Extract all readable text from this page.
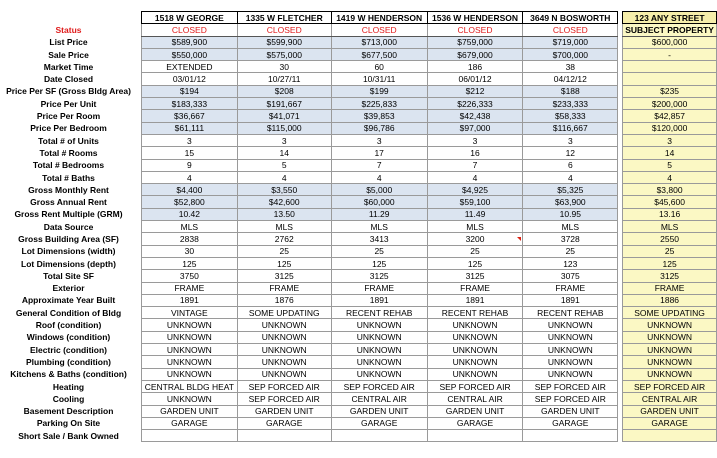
		1518 W GEORGE	1335 W FLETCHER	1419 W HENDERSON	1536 W HENDERSON	3649 N BOSWORTH		123 ANY STREET
Status		CLOSED	CLOSED	CLOSED	CLOSED	CLOSED		SUBJECT PROPERTY
List Price		$589,900	$599,900	$713,000	$759,000	$719,000		$600,000
Sale Price		$550,000	$575,000	$677,500	$679,000	$700,000		-
Market Time		EXTENDED	30	60	186	38		
Date Closed		03/01/12	10/27/11	10/31/11	06/01/12	04/12/12		
Price Per SF (Gross Bldg Area)		$194	$208	$199	$212	$188		$235
Price Per Unit		$183,333	$191,667	$225,833	$226,333	$233,333		$200,000
Price Per Room		$36,667	$41,071	$39,853	$42,438	$58,333		$42,857
Price Per Bedroom		$61,111	$115,000	$96,786	$97,000	$116,667		$120,000
Total # of Units		3	3	3	3	3		3
Total # Rooms		15	14	17	16	12		14
Total # Bedrooms		9	5	7	7	6		5
Total # Baths		4	4	4	4	4		4
Gross Monthly Rent		$4,400	$3,550	$5,000	$4,925	$5,325		$3,800
Gross Annual Rent		$52,800	$42,600	$60,000	$59,100	$63,900		$45,600
Gross Rent Multiple (GRM)		10.42	13.50	11.29	11.49	10.95		13.16
Data Source		MLS	MLS	MLS	MLS	MLS		MLS
Gross Building Area (SF)		2838	2762	3413	3200	3728		2550
Lot Dimensions (width)		30	25	25	25	25		25
Lot Dimensions (depth)		125	125	125	125	123		125
Total Site SF		3750	3125	3125	3125	3075		3125
Exterior		FRAME	FRAME	FRAME	FRAME	FRAME		FRAME
Approximate Year Built		1891	1876	1891	1891	1891		1886
General Condition of Bldg		VINTAGE	SOME UPDATING	RECENT REHAB	RECENT REHAB	RECENT REHAB		SOME UPDATING
Roof (condition)		UNKNOWN	UNKNOWN	UNKNOWN	UNKNOWN	UNKNOWN		UNKNOWN
Windows (condition)		UNKNOWN	UNKNOWN	UNKNOWN	UNKNOWN	UNKNOWN		UNKNOWN
Electric (condition)		UNKNOWN	UNKNOWN	UNKNOWN	UNKNOWN	UNKNOWN		UNKNOWN
Plumbing (condition)		UNKNOWN	UNKNOWN	UNKNOWN	UNKNOWN	UNKNOWN		UNKNOWN
Kitchens & Baths (condition)		UNKNOWN	UNKNOWN	UNKNOWN	UNKNOWN	UNKNOWN		UNKNOWN
Heating		CENTRAL BLDG HEAT	SEP FORCED AIR	SEP FORCED AIR	SEP FORCED AIR	SEP FORCED AIR		SEP FORCED AIR
Cooling		UNKNOWN	SEP FORCED AIR	CENTRAL AIR	CENTRAL AIR	SEP FORCED AIR		CENTRAL AIR
Basement Description		GARDEN UNIT	GARDEN UNIT	GARDEN UNIT	GARDEN UNIT	GARDEN UNIT		GARDEN UNIT
Parking On Site		GARAGE	GARAGE	GARAGE	GARAGE	GARAGE		GARAGE
Short Sale / Bank Owned								
